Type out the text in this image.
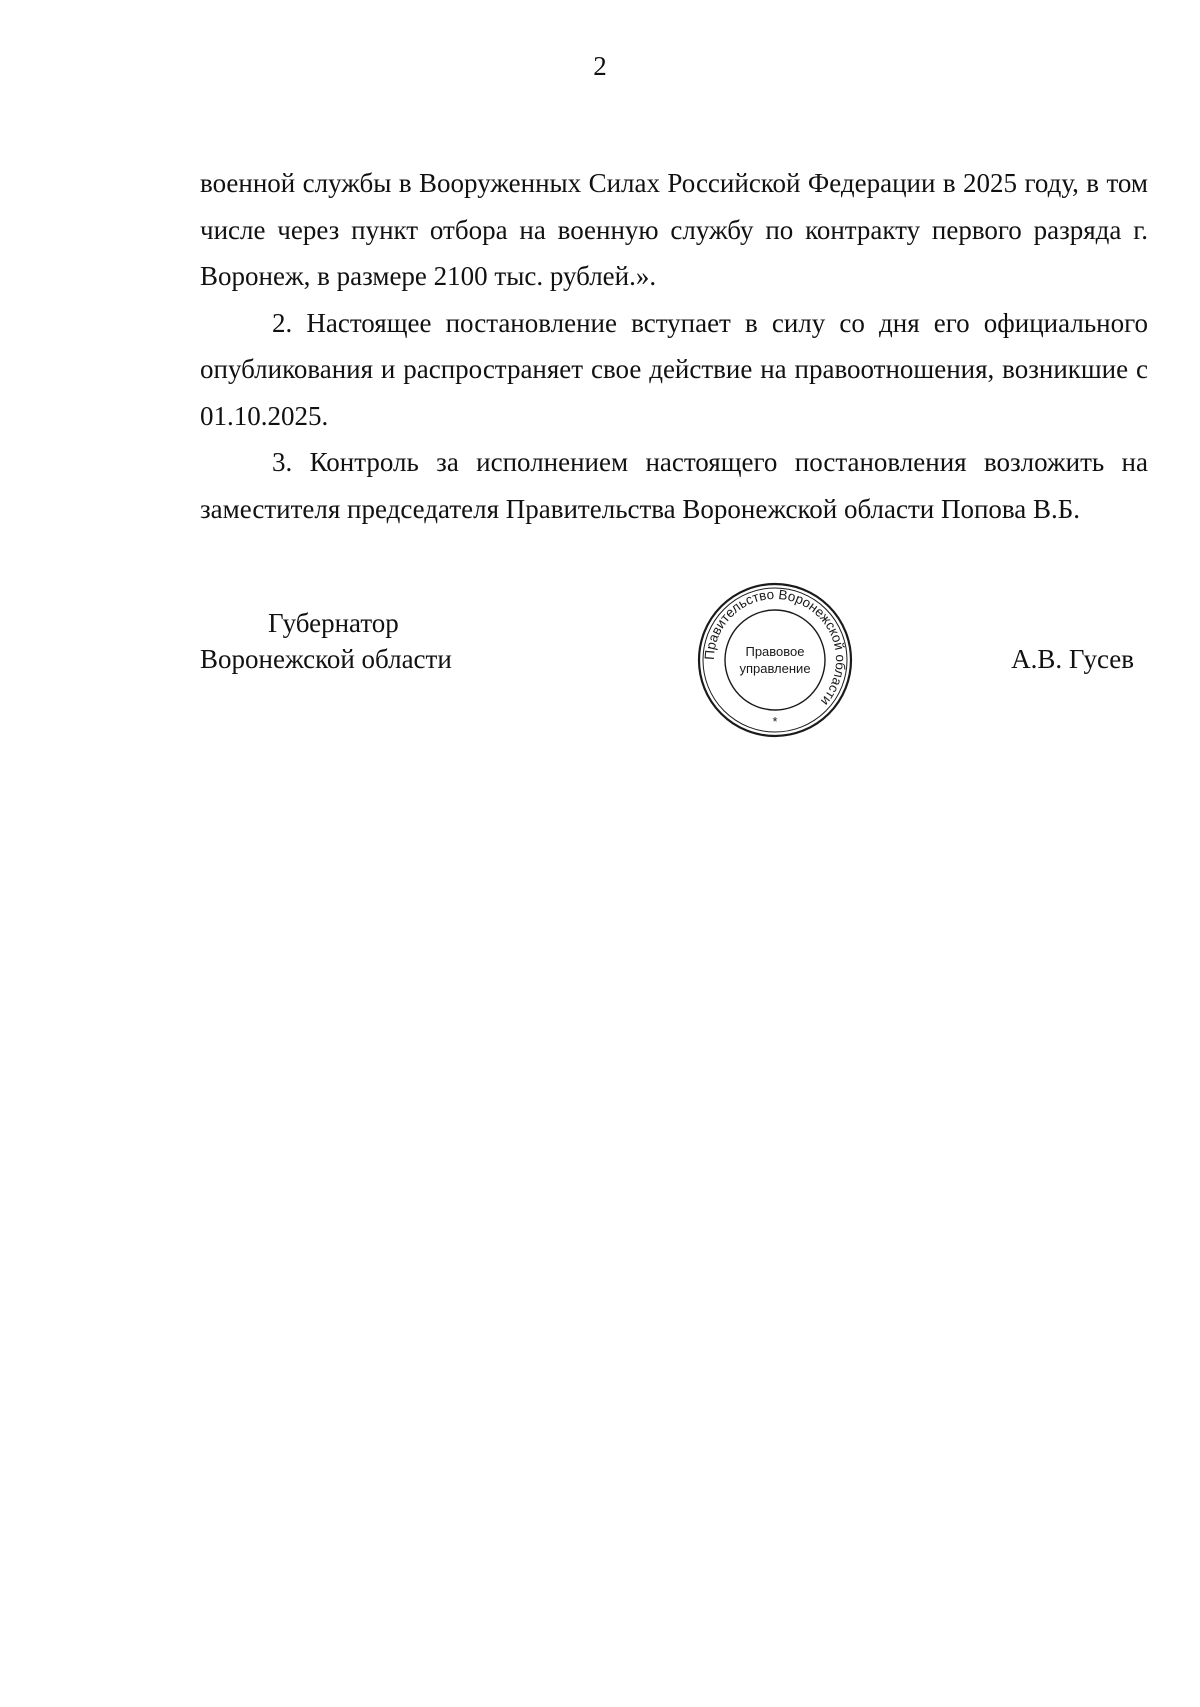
2

военной службы в Вооруженных Силах Российской Федерации в 2025 году, в том числе через пункт отбора на военную службу по контракту первого разряда г. Воронеж, в размере 2100 тыс. рублей.».

2. Настоящее постановление вступает в силу со дня его официального опубликования и распространяет свое действие на правоотношения, возникшие с 01.10.2025.

3. Контроль за исполнением настоящего постановления возложить на заместителя председателя Правительства Воронежской области Попова В.Б.

Губернатор
Воронежской области	Правительство Воронежской области
Правовое
управление
*
А.В. Гусев
